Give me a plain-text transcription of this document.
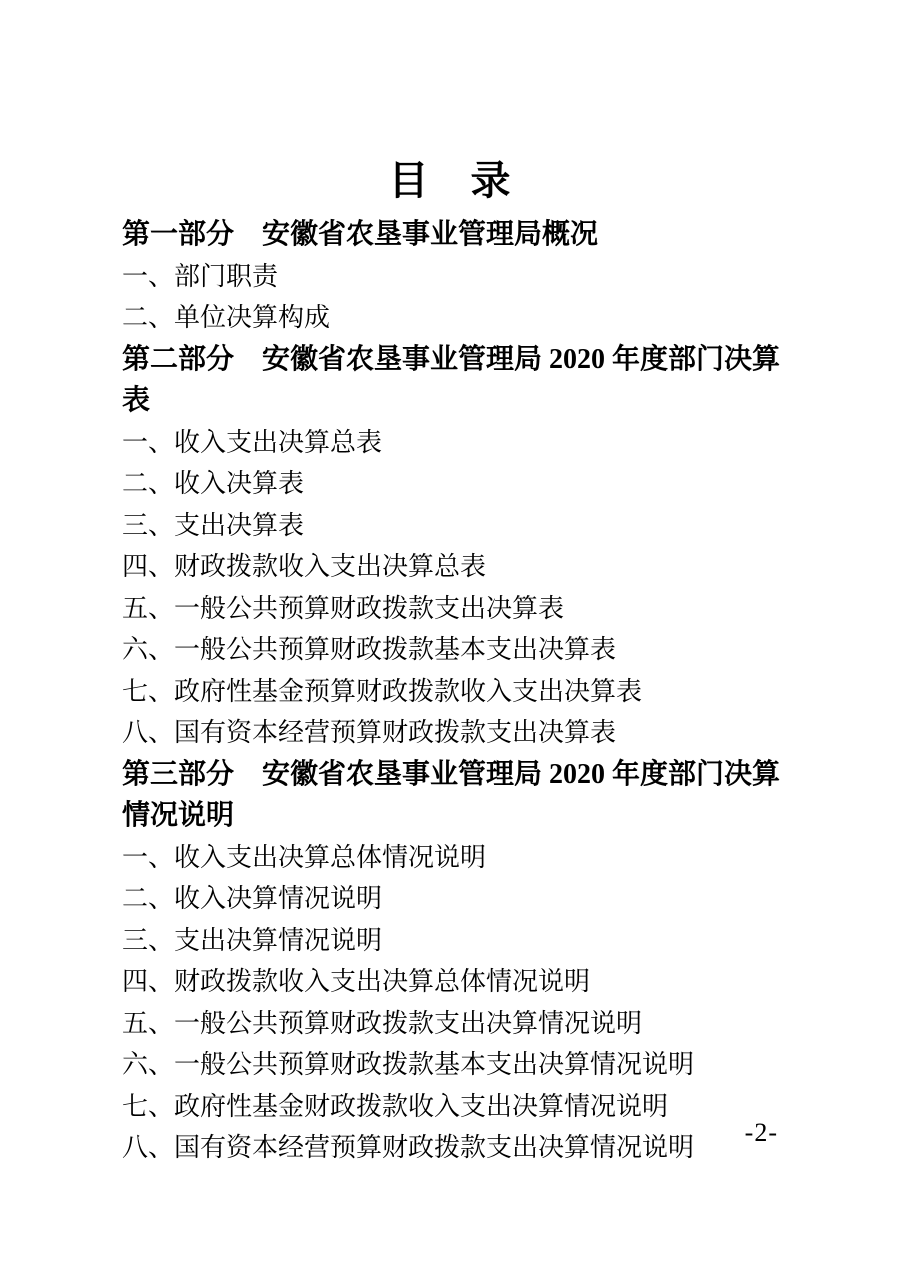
目　录
第一部分　安徽省农垦事业管理局概况
一、部门职责
二、单位决算构成
第二部分　安徽省农垦事业管理局 2020 年度部门决算表
一、收入支出决算总表
二、收入决算表
三、支出决算表
四、财政拨款收入支出决算总表
五、一般公共预算财政拨款支出决算表
六、一般公共预算财政拨款基本支出决算表
七、政府性基金预算财政拨款收入支出决算表
八、国有资本经营预算财政拨款支出决算表
第三部分　安徽省农垦事业管理局 2020 年度部门决算情况说明
一、收入支出决算总体情况说明
二、收入决算情况说明
三、支出决算情况说明
四、财政拨款收入支出决算总体情况说明
五、一般公共预算财政拨款支出决算情况说明
六、一般公共预算财政拨款基本支出决算情况说明
七、政府性基金财政拨款收入支出决算情况说明
八、国有资本经营预算财政拨款支出决算情况说明
-2-
